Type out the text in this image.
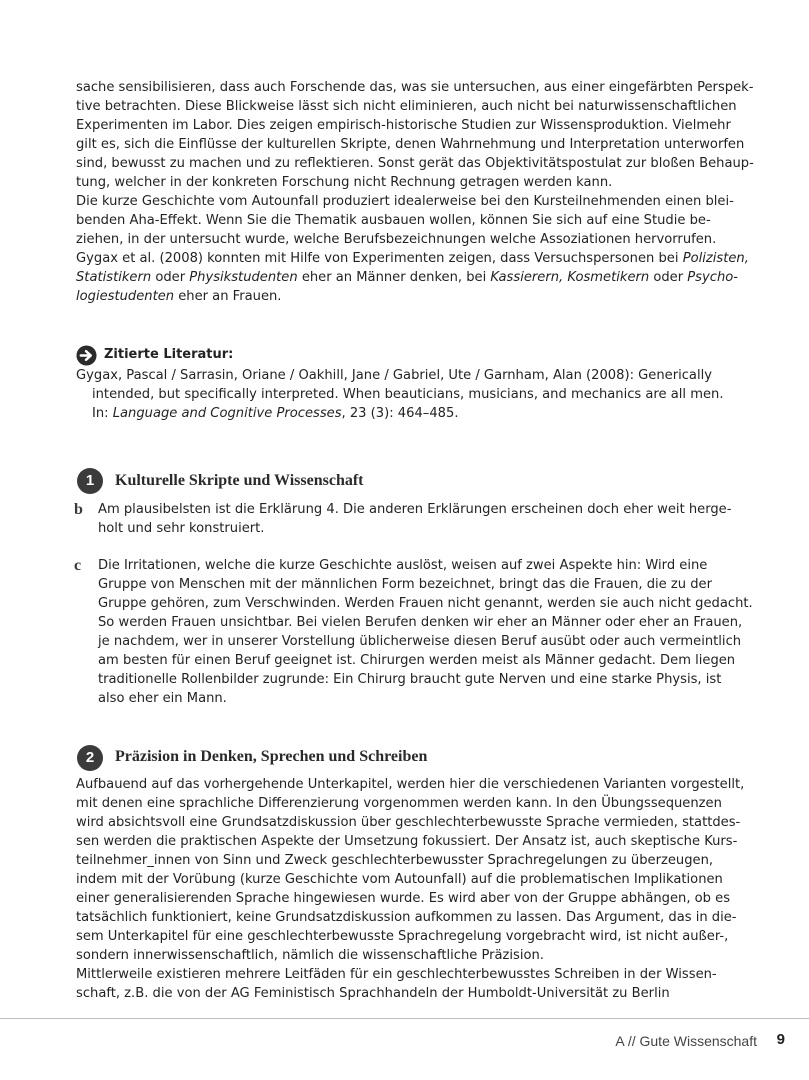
sache sensibilisieren, dass auch Forschende das, was sie untersuchen, aus einer eingefärbten Perspek-
tive betrachten. Diese Blickweise lässt sich nicht eliminieren, auch nicht bei naturwissenschaftlichen
Experimenten im Labor. Dies zeigen empirisch-historische Studien zur Wissensproduktion. Vielmehr
gilt es, sich die Einflüsse der kulturellen Skripte, denen Wahrnehmung und Interpretation unterworfen
sind, bewusst zu machen und zu reflektieren. Sonst gerät das Objektivitätspostulat zur bloßen Behaup-
tung, welcher in der konkreten Forschung nicht Rechnung getragen werden kann.
Die kurze Geschichte vom Autounfall produziert idealerweise bei den Kursteilnehmenden einen blei-
benden Aha-Effekt. Wenn Sie die Thematik ausbauen wollen, können Sie sich auf eine Studie be-
ziehen, in der untersucht wurde, welche Berufsbezeichnungen welche Assoziationen hervorrufen.
Gygax et al. (2008) konnten mit Hilfe von Experimenten zeigen, dass Versuchspersonen bei Polizisten,
Statistikern oder Physikstudenten eher an Männer denken, bei Kassierern, Kosmetikern oder Psycho-
logiestudenten eher an Frauen.
Zitierte Literatur:
Gygax, Pascal / Sarrasin, Oriane / Oakhill, Jane / Gabriel, Ute / Garnham, Alan (2008): Generically
intended, but specifically interpreted. When beauticians, musicians, and mechanics are all men.
In: Language and Cognitive Processes, 23 (3): 464–485.
1	Kulturelle Skripte und Wissenschaft
b Am plausibelsten ist die Erklärung 4. Die anderen Erklärungen erscheinen doch eher weit herge-
holt und sehr konstruiert.
c Die Irritationen, welche die kurze Geschichte auslöst, weisen auf zwei Aspekte hin: Wird eine
Gruppe von Menschen mit der männlichen Form bezeichnet, bringt das die Frauen, die zu der
Gruppe gehören, zum Verschwinden. Werden Frauen nicht genannt, werden sie auch nicht gedacht.
So werden Frauen unsichtbar. Bei vielen Berufen denken wir eher an Männer oder eher an Frauen,
je nachdem, wer in unserer Vorstellung üblicherweise diesen Beruf ausübt oder auch vermeintlich
am besten für einen Beruf geeignet ist. Chirurgen werden meist als Männer gedacht. Dem liegen
traditionelle Rollenbilder zugrunde: Ein Chirurg braucht gute Nerven und eine starke Physis, ist
also eher ein Mann.
2	Präzision in Denken, Sprechen und Schreiben
Aufbauend auf das vorhergehende Unterkapitel, werden hier die verschiedenen Varianten vorgestellt,
mit denen eine sprachliche Differenzierung vorgenommen werden kann. In den Übungssequenzen
wird absichtsvoll eine Grundsatzdiskussion über geschlechterbewusste Sprache vermieden, stattdes-
sen werden die praktischen Aspekte der Umsetzung fokussiert. Der Ansatz ist, auch skeptische Kurs-
teilnehmer_innen von Sinn und Zweck geschlechterbewusster Sprachregelungen zu überzeugen,
indem mit der Vorübung (kurze Geschichte vom Autounfall) auf die problematischen Implikationen
einer generalisierenden Sprache hingewiesen wurde. Es wird aber von der Gruppe abhängen, ob es
tatsächlich funktioniert, keine Grundsatzdiskussion aufkommen zu lassen. Das Argument, das in die-
sem Unterkapitel für eine geschlechterbewusste Sprachregelung vorgebracht wird, ist nicht außer-,
sondern innerwissenschaftlich, nämlich die wissenschaftliche Präzision.
Mittlerweile existieren mehrere Leitfäden für ein geschlechterbewusstes Schreiben in der Wissen-
schaft, z.B. die von der AG Feministisch Sprachhandeln der Humboldt-Universität zu Berlin
A // Gute Wissenschaft 9
